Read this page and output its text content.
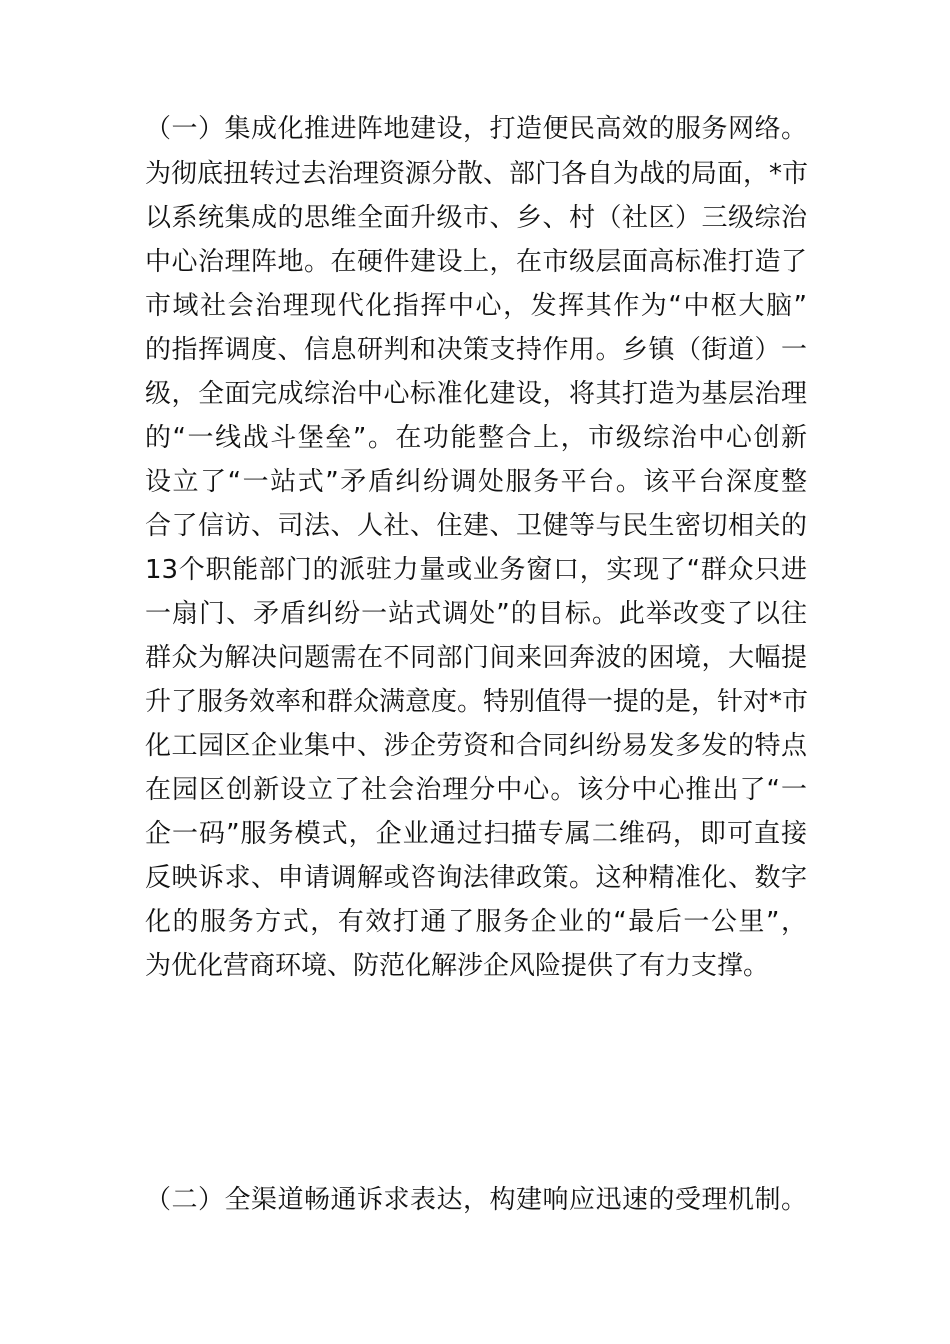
（一）集成化推进阵地建设，打造便民高效的服务网络。
为彻底扭转过去治理资源分散、部门各自为战的局面，*市
以系统集成的思维全面升级市、乡、村（社区）三级综治
中心治理阵地。在硬件建设上，在市级层面高标准打造了
市域社会治理现代化指挥中心，发挥其作为“中枢大脑”
的指挥调度、信息研判和决策支持作用。乡镇（街道）一
级，全面完成综治中心标准化建设，将其打造为基层治理
的“一线战斗堡垒”。在功能整合上，市级综治中心创新
设立了“一站式”矛盾纠纷调处服务平台。该平台深度整
合了信访、司法、人社、住建、卫健等与民生密切相关的
13个职能部门的派驻力量或业务窗口，实现了“群众只进
一扇门、矛盾纠纷一站式调处”的目标。此举改变了以往
群众为解决问题需在不同部门间来回奔波的困境，大幅提
升了服务效率和群众满意度。特别值得一提的是，针对*市
化工园区企业集中、涉企劳资和合同纠纷易发多发的特点
在园区创新设立了社会治理分中心。该分中心推出了“一
企一码”服务模式，企业通过扫描专属二维码，即可直接
反映诉求、申请调解或咨询法律政策。这种精准化、数字
化的服务方式，有效打通了服务企业的“最后一公里”，
为优化营商环境、防范化解涉企风险提供了有力支撑。
（二）全渠道畅通诉求表达，构建响应迅速的受理机制。
